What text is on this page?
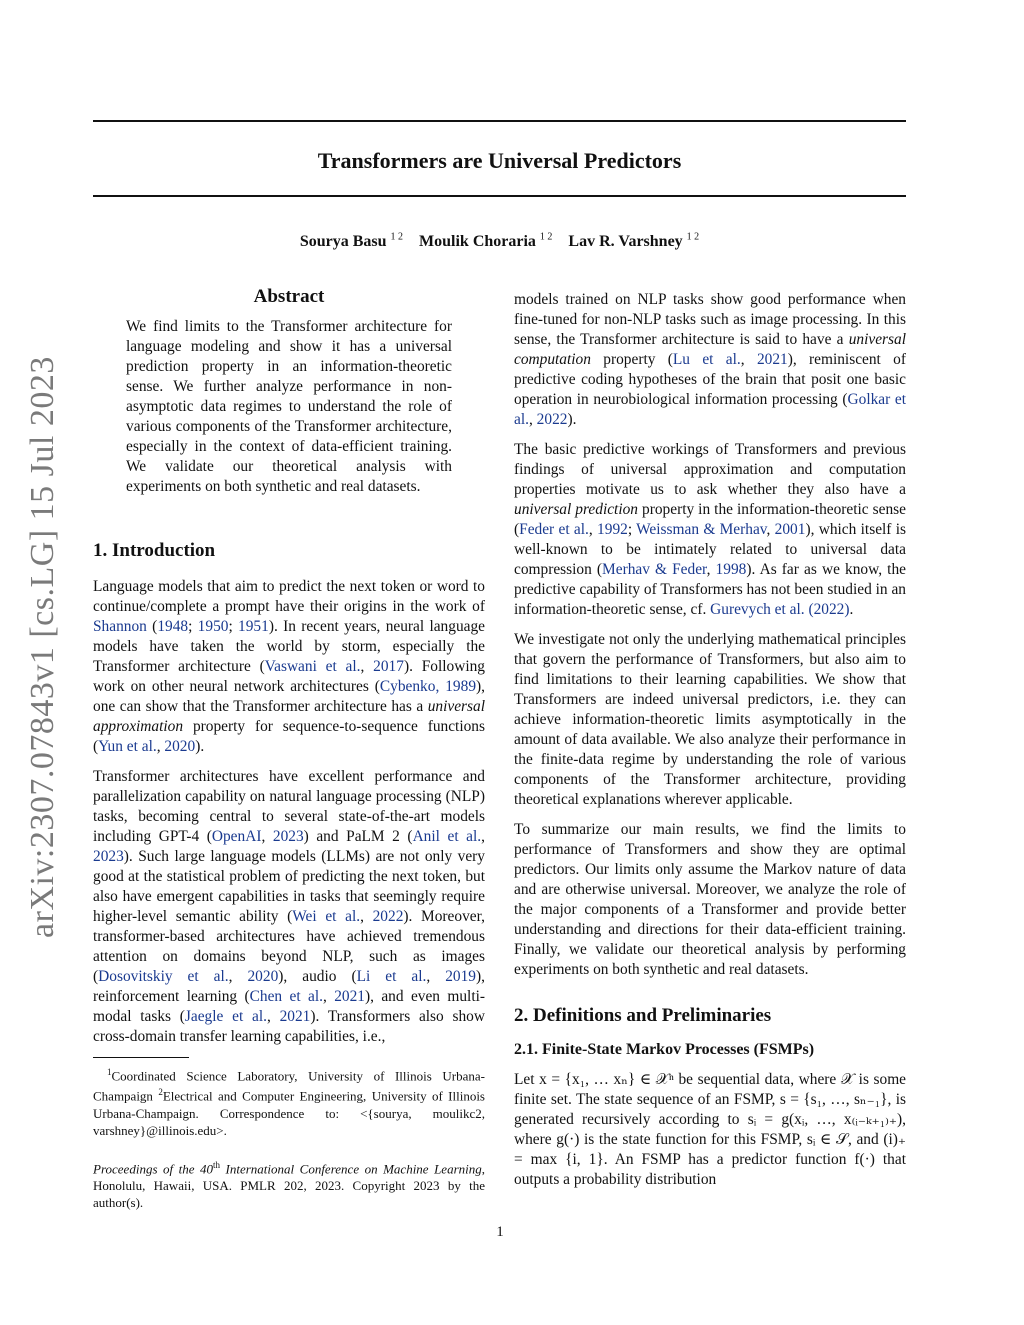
arXiv:2307.07843v1 [cs.LG] 15 Jul 2023
Transformers are Universal Predictors
Sourya Basu $^{1 2}$ Moulik Choraria $^{1 2}$ Lav R. Varshney $^{1 2}$
Abstract

We find limits to the Transformer architecture for language modeling and show it has a universal prediction property in an information-theoretic sense. We further analyze performance in non-asymptotic data regimes to understand the role of various components of the Transformer architecture, especially in the context of data-efficient training. We validate our theoretical analysis with experiments on both synthetic and real datasets.

1. Introduction

Language models that aim to predict the next token or word to continue/complete a prompt have their origins in the work of Shannon (1948; 1950; 1951). In recent years, neural language models have taken the world by storm, especially the Transformer architecture (Vaswani et al., 2017). Following work on other neural network architectures (Cybenko, 1989), one can show that the Transformer architecture has a universal approximation property for sequence-to-sequence functions (Yun et al., 2020).

Transformer architectures have excellent performance and parallelization capability on natural language processing (NLP) tasks, becoming central to several state-of-the-art models including GPT-4 (OpenAI, 2023) and PaLM 2 (Anil et al., 2023). Such large language models (LLMs) are not only very good at the statistical problem of predicting the next token, but also have emergent capabilities in tasks that seemingly require higher-level semantic ability (Wei et al., 2022). Moreover, transformer-based architectures have achieved tremendous attention on domains beyond NLP, such as images (Dosovitskiy et al., 2020), audio (Li et al., 2019), reinforcement learning (Chen et al., 2021), and even multi-modal tasks (Jaegle et al., 2021). Transformers also show cross-domain transfer learning capabilities, i.e.,

$^1$Coordinated Science Laboratory, University of Illinois Urbana-Champaign $^2$Electrical and Computer Engineering, University of Illinois Urbana-Champaign. Correspondence to: <{sourya, moulikc2, varshney}@illinois.edu>.

Proceedings of the 40th International Conference on Machine Learning, Honolulu, Hawaii, USA. PMLR 202, 2023. Copyright 2023 by the author(s).

models trained on NLP tasks show good performance when fine-tuned for non-NLP tasks such as image processing. In this sense, the Transformer architecture is said to have a universal computation property (Lu et al., 2021), reminiscent of predictive coding hypotheses of the brain that posit one basic operation in neurobiological information processing (Golkar et al., 2022).

The basic predictive workings of Transformers and previous findings of universal approximation and computation properties motivate us to ask whether they also have a universal prediction property in the information-theoretic sense (Feder et al., 1992; Weissman & Merhav, 2001), which itself is well-known to be intimately related to universal data compression (Merhav & Feder, 1998). As far as we know, the predictive capability of Transformers has not been studied in an information-theoretic sense, cf. Gurevych et al. (2022).

We investigate not only the underlying mathematical principles that govern the performance of Transformers, but also aim to find limitations to their learning capabilities. We show that Transformers are indeed universal predictors, i.e. they can achieve information-theoretic limits asymptotically in the amount of data available. We also analyze their performance in the finite-data regime by understanding the role of various components of the Transformer architecture, providing theoretical explanations wherever applicable.

To summarize our main results, we find the limits to performance of Transformers and show they are optimal predictors. Our limits only assume the Markov nature of data and are otherwise universal. Moreover, we analyze the role of the major components of a Transformer and provide better understanding and directions for their data-efficient training. Finally, we validate our theoretical analysis by performing experiments on both synthetic and real datasets.

2. Definitions and Preliminaries
2.1. Finite-State Markov Processes (FSMPs)

Let x = {x₁, … xₙ} ∈ 𝒳ⁿ be sequential data, where 𝒳 is some finite set. The state sequence of an FSMP, s = {s₁, …, sₙ₋₁}, is generated recursively according to sᵢ = g(xᵢ, …, x₍ᵢ₋ₖ₊₁₎₊), where g(·) is the state function for this FSMP, sᵢ ∈ 𝒮, and (i)₊ = max {i, 1}. An FSMP has a predictor function f(·) that outputs a probability distribution

1
